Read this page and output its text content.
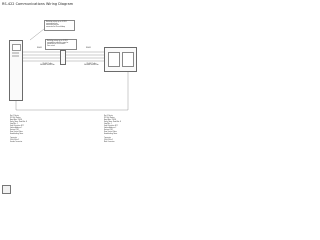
RS-422 Communications Wiring Diagram
Multidrop setup: up to 32 DF1
communications
controllers may be
connected to the multidrop
Multidrop setup: up to 32 DF1
compatible controllers may be
connected to the network
(See notes)
RS-422	RS-422
RS-422 Cable
Shielded Twisted Pair
RS-422 Cable
Shielded Twisted Pair
Port 1 Device
DF1 Full Duplex
Baud Rate: 19200
Parity: None, Data Bits: 8
Stop Bits: 1
Error Detection: BCC
Station Address: 1
Protocol: DF1
Flow Control: None
Handshaking: None
Connector
9-Pin D-Shell
Female Connector
Port 2 Device
DF1 Full Duplex
Baud Rate: 19200
Parity: None, Data Bits: 8
Stop Bits: 1
Error Detection: BCC
Station Address: 2
Protocol: DF1
Flow Control: None
Handshaking: None
Connector
9-Pin D-Shell
Male Connector
